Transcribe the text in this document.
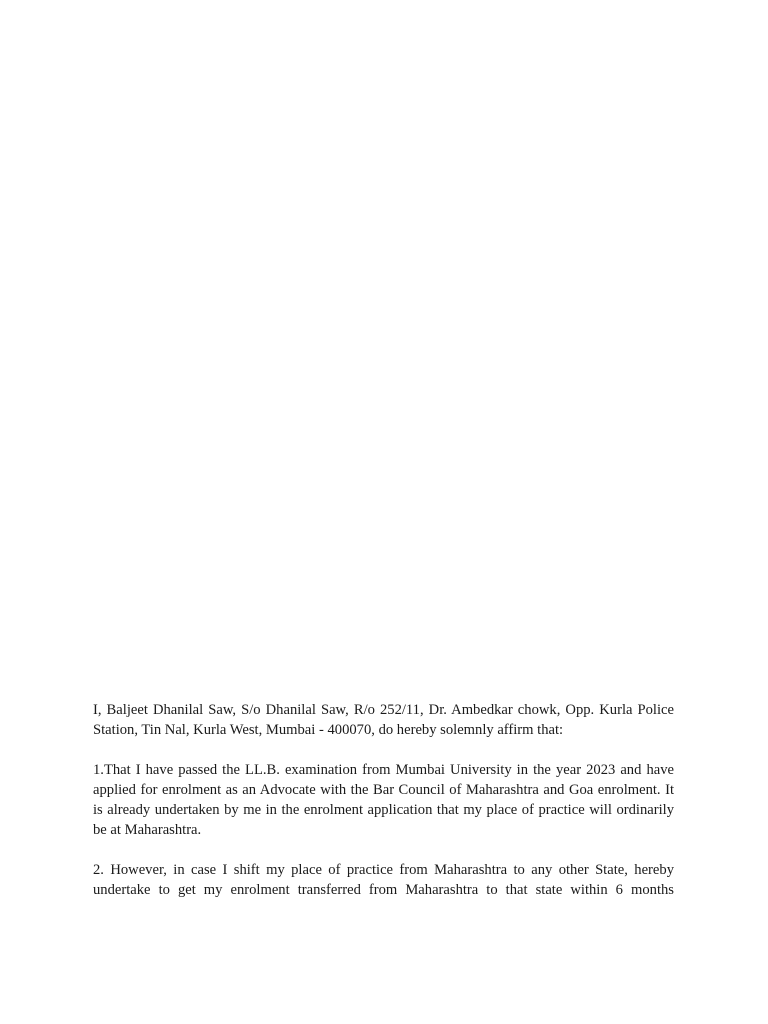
I, Baljeet Dhanilal Saw, S/o Dhanilal Saw, R/o 252/11, Dr. Ambedkar chowk, Opp. Kurla Police Station, Tin Nal, Kurla West, Mumbai - 400070, do hereby solemnly affirm that:

1.That I have passed the LL.B. examination from Mumbai University in the year 2023 and have applied for enrolment as an Advocate with the Bar Council of Maharashtra and Goa enrolment. It is already undertaken by me in the enrolment application that my place of practice will ordinarily be at Maharashtra.

2. However, in case I shift my place of practice from Maharashtra to any other State, hereby undertake to get my enrolment transferred from Maharashtra to that state within 6 months
